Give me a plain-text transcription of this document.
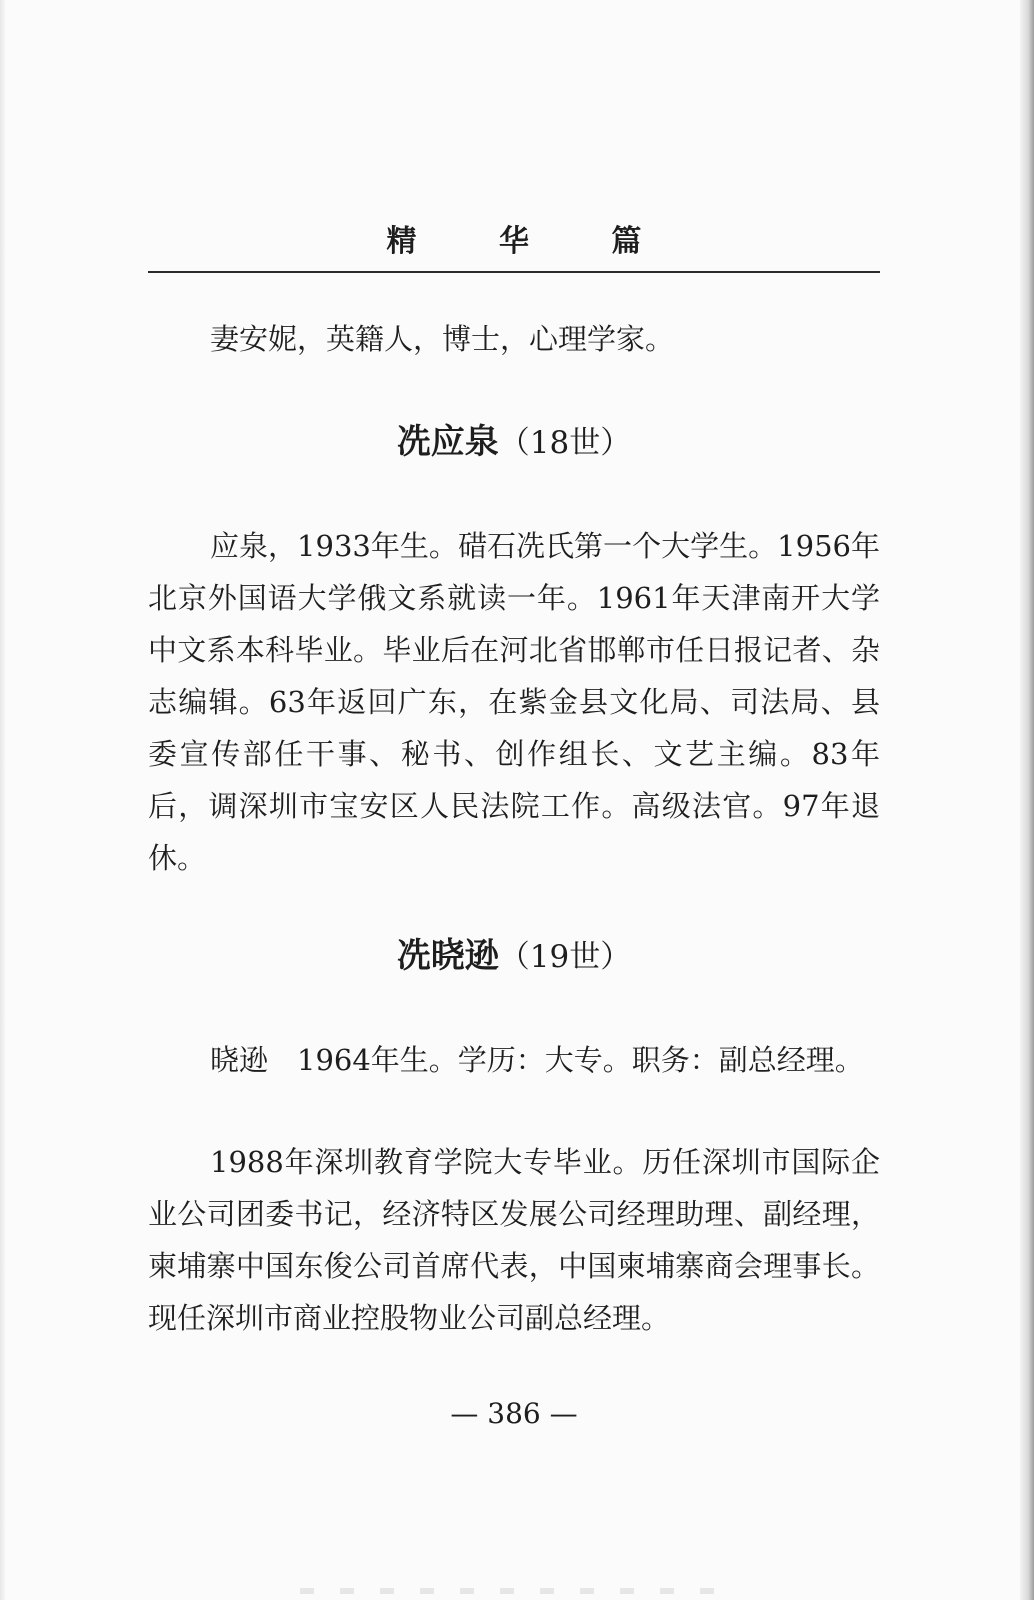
精 华 篇

妻安妮，英籍人，博士，心理学家。

冼应泉（18世）

应泉，1933年生。碏石冼氏第一个大学生。1956年北京外国语大学俄文系就读一年。1961年天津南开大学中文系本科毕业。毕业后在河北省邯郸市任日报记者、杂志编辑。63年返回广东，在紫金县文化局、司法局、县委宣传部任干事、秘书、创作组长、文艺主编。83年后，调深圳市宝安区人民法院工作。高级法官。97年退休。

冼晓逊（19世）

晓逊　1964年生。学历：大专。职务：副总经理。

1988年深圳教育学院大专毕业。历任深圳市国际企业公司团委书记，经济特区发展公司经理助理、副经理，柬埔寨中国东俊公司首席代表，中国柬埔寨商会理事长。现任深圳市商业控股物业公司副总经理。

— 386 —
